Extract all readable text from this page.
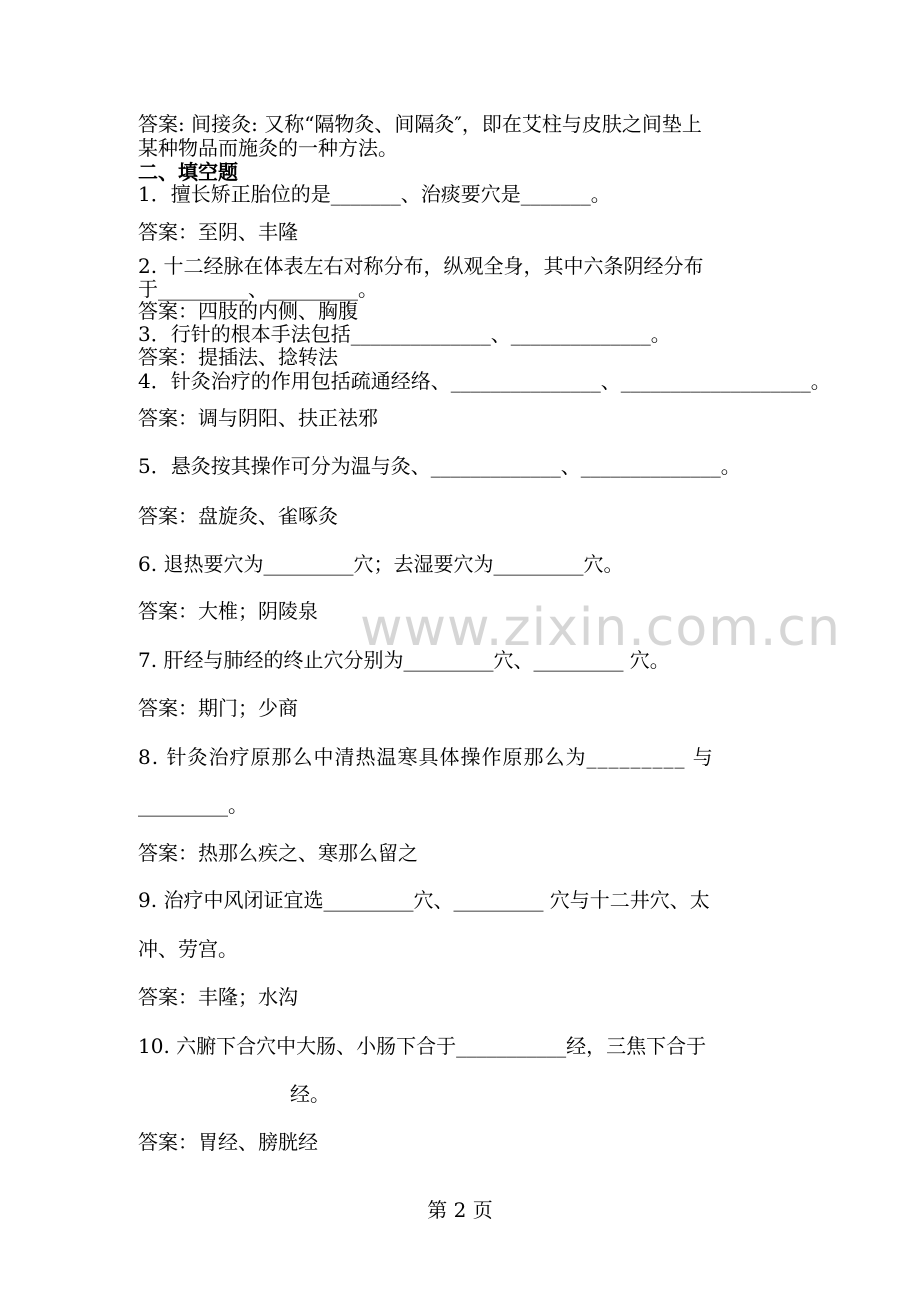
www.zixin.com.cn
答案: 间接灸: 又称“隔物灸、间隔灸″，即在艾柱与皮肤之间垫上
某种物品而施灸的一种方法。
二、填空题
1．擅长矫正胎位的是_______、治痰要穴是_______。
答案：至阴、丰隆
2. 十二经脉在体表左右对称分布，纵观全身，其中六条阴经分布
于_________、_________。
答案：四肢的内侧、胸腹
3．行针的根本手法包括______________、______________。
答案：提插法、捻转法
4．针灸治疗的作用包括疏通经络、_______________、___________________。
答案：调与阴阳、扶正祛邪
5．悬灸按其操作可分为温与灸、_____________、______________。
答案：盘旋灸、雀啄灸
6. 退热要穴为_________穴；去湿要穴为_________穴。
答案：大椎；阴陵泉
7. 肝经与肺经的终止穴分别为_________穴、_________ 穴。
答案：期门；少商
8. 针灸治疗原那么中清热温寒具体操作原那么为_________ 与
_________。
答案：热那么疾之、寒那么留之
9. 治疗中风闭证宜选_________穴、_________ 穴与十二井穴、太
冲、劳宫。
答案：丰隆；水沟
10. 六腑下合穴中大肠、小肠下合于___________经，三焦下合于
经。
答案：胃经、膀胱经
第 2 页
